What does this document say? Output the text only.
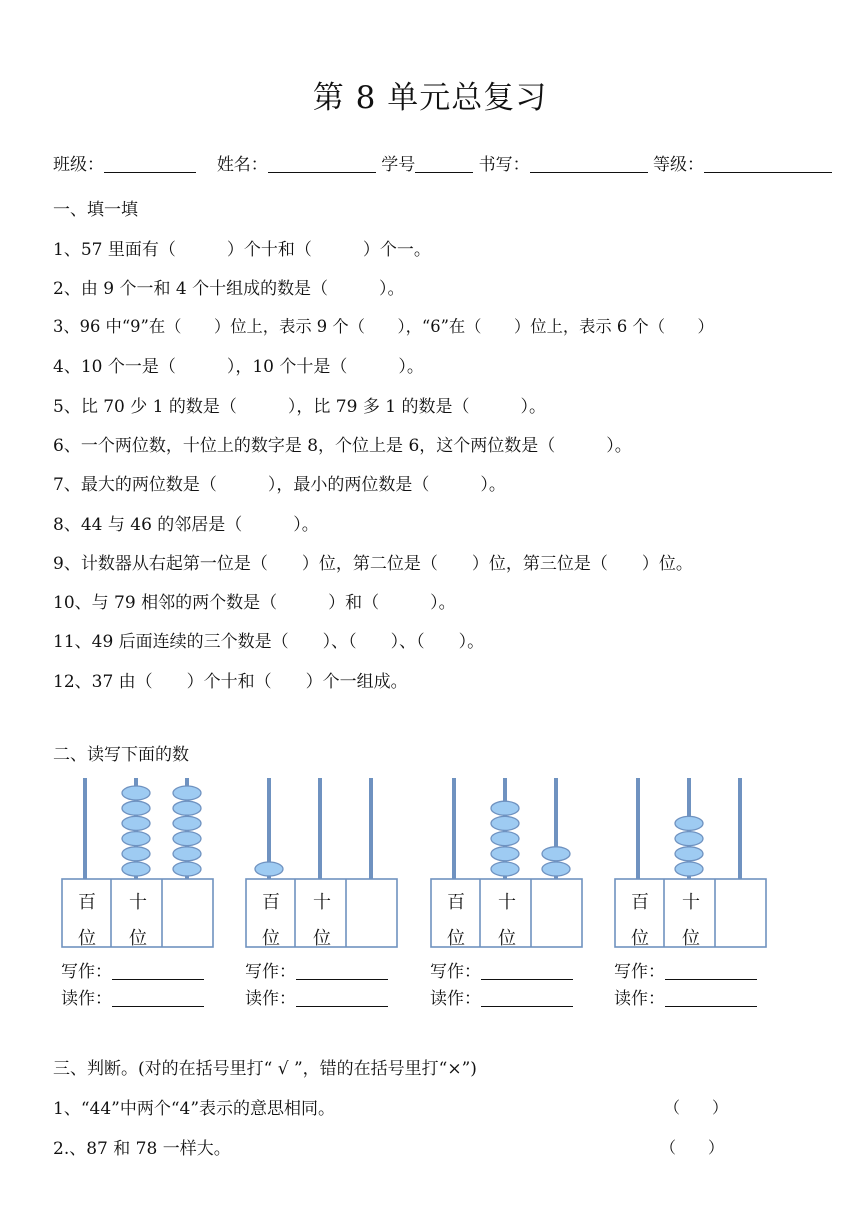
第 8 单元总复习
班级：	姓名：	学号	书写：	等级：
一、填一填
1、57 里面有（　　　）个十和（　　　）个一。
2、由 9 个一和 4 个十组成的数是（　　　）。
3、96 中“9”在（　　）位上，表示 9 个（　　），“6”在（　　）位上，表示 6 个（　　）
4、10 个一是（　　　），10 个十是（　　　）。
5、比 70 少 1 的数是（　　　），比 79 多 1 的数是（　　　）。
6、一个两位数，十位上的数字是 8，个位上是 6，这个两位数是（　　　）。
7、最大的两位数是（　　　），最小的两位数是（　　　）。
8、44 与 46 的邻居是（　　　）。
9、计数器从右起第一位是（　　）位，第二位是（　　）位，第三位是（　　）位。
10、与 79 相邻的两个数是（　　　）和（　　　）。
11、49 后面连续的三个数是（　　）、（　　）、（　　）。
12、37 由（　　）个十和（　　）个一组成。
二、读写下面的数
百
位
十
位
写作：
读作：
百
位
十
位
写作：
读作：
百
位
十
位
写作：
读作：
百
位
十
位
写作：
读作：
三、判断。(对的在括号里打“ √ ”，错的在括号里打“×”)
1、“44”中两个“4”表示的意思相同。	（　　）
2.、87 和 78 一样大。	（　　）
